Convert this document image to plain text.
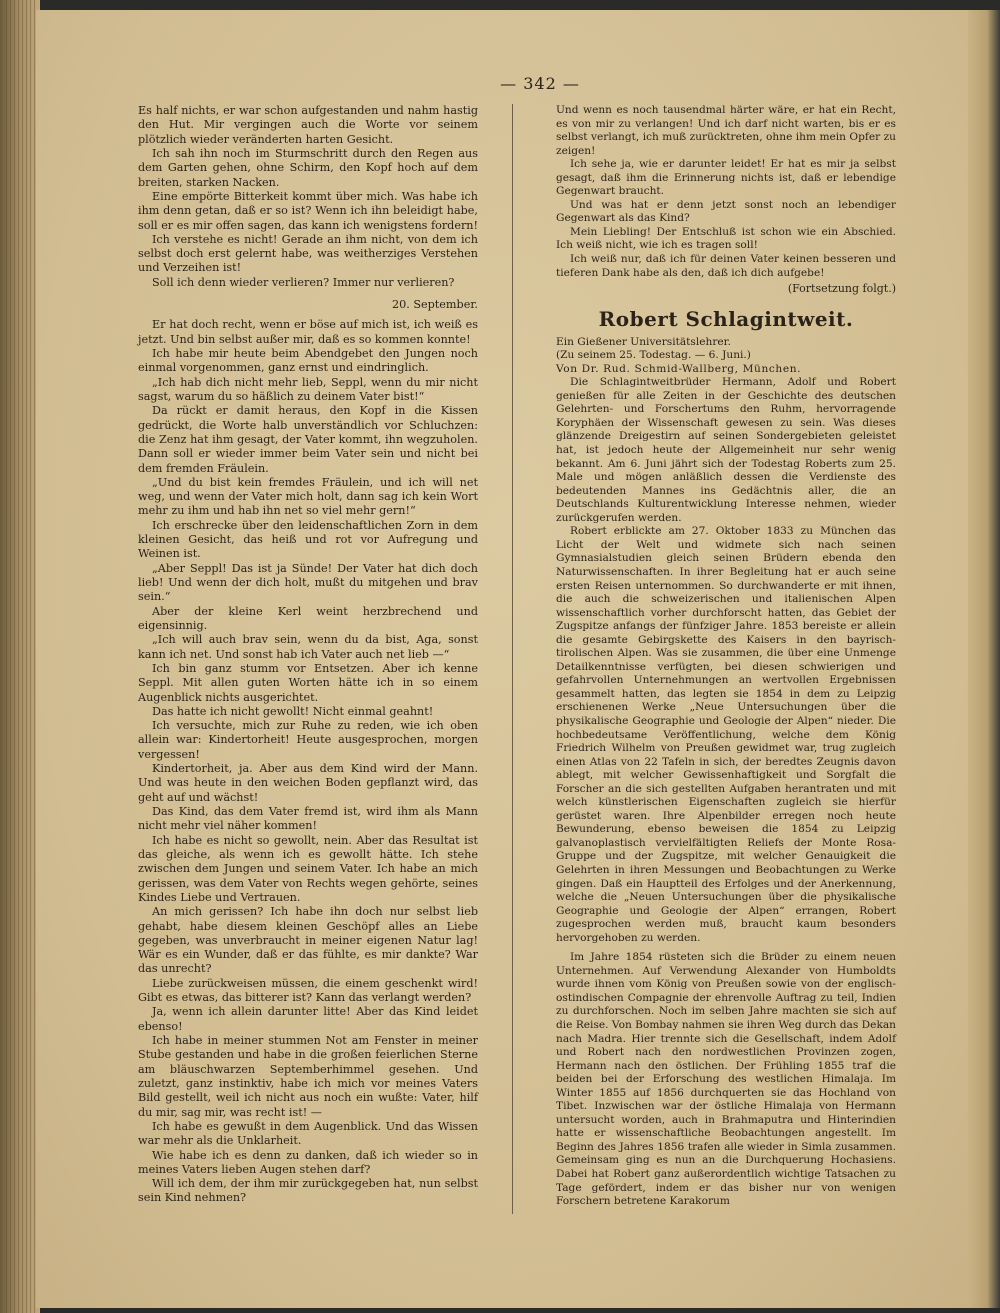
— 342 —

Es half nichts, er war schon aufgestanden und nahm hastig den Hut. Mir vergingen auch die Worte vor seinem plötzlich wieder veränderten harten Gesicht.

Ich sah ihn noch im Sturmschritt durch den Regen aus dem Garten gehen, ohne Schirm, den Kopf hoch auf dem breiten, starken Nacken.

Eine empörte Bitterkeit kommt über mich. Was habe ich ihm denn getan, daß er so ist? Wenn ich ihn beleidigt habe, soll er es mir offen sagen, das kann ich wenigstens fordern!

Ich verstehe es nicht! Gerade an ihm nicht, von dem ich selbst doch erst gelernt habe, was weitherziges Verstehen und Verzeihen ist!

Soll ich denn wieder verlieren? Immer nur verlieren?

20. September.

Er hat doch recht, wenn er böse auf mich ist, ich weiß es jetzt. Und bin selbst außer mir, daß es so kommen konnte!

Ich habe mir heute beim Abendgebet den Jungen noch einmal vorgenommen, ganz ernst und eindringlich.

„Ich hab dich nicht mehr lieb, Seppl, wenn du mir nicht sagst, warum du so häßlich zu deinem Vater bist!“

Da rückt er damit heraus, den Kopf in die Kissen gedrückt, die Worte halb unverständlich vor Schluchzen: die Zenz hat ihm gesagt, der Vater kommt, ihn wegzuholen. Dann soll er wieder immer beim Vater sein und nicht bei dem fremden Fräulein.

„Und du bist kein fremdes Fräulein, und ich will net weg, und wenn der Vater mich holt, dann sag ich kein Wort mehr zu ihm und hab ihn net so viel mehr gern!“

Ich erschrecke über den leidenschaftlichen Zorn in dem kleinen Gesicht, das heiß und rot vor Aufregung und Weinen ist.

„Aber Seppl! Das ist ja Sünde! Der Vater hat dich doch lieb! Und wenn der dich holt, mußt du mitgehen und brav sein.“

Aber der kleine Kerl weint herzbrechend und eigensinnig.

„Ich will auch brav sein, wenn du da bist, Aga, sonst kann ich net. Und sonst hab ich Vater auch net lieb —“

Ich bin ganz stumm vor Entsetzen. Aber ich kenne Seppl. Mit allen guten Worten hätte ich in so einem Augenblick nichts ausgerichtet.

Das hatte ich nicht gewollt! Nicht einmal geahnt!

Ich versuchte, mich zur Ruhe zu reden, wie ich oben allein war: Kindertorheit! Heute ausgesprochen, morgen vergessen!

Kindertorheit, ja. Aber aus dem Kind wird der Mann. Und was heute in den weichen Boden gepflanzt wird, das geht auf und wächst!

Das Kind, das dem Vater fremd ist, wird ihm als Mann nicht mehr viel näher kommen!

Ich habe es nicht so gewollt, nein. Aber das Resultat ist das gleiche, als wenn ich es gewollt hätte. Ich stehe zwischen dem Jungen und seinem Vater. Ich habe an mich gerissen, was dem Vater von Rechts wegen gehörte, seines Kindes Liebe und Vertrauen.

An mich gerissen? Ich habe ihn doch nur selbst lieb gehabt, habe diesem kleinen Geschöpf alles an Liebe gegeben, was unverbraucht in meiner eigenen Natur lag! Wär es ein Wunder, daß er das fühlte, es mir dankte? War das unrecht?

Liebe zurückweisen müssen, die einem geschenkt wird! Gibt es etwas, das bitterer ist? Kann das verlangt werden?

Ja, wenn ich allein darunter litte! Aber das Kind leidet ebenso!

Ich habe in meiner stummen Not am Fenster in meiner Stube gestanden und habe in die großen feierlichen Sterne am bläuschwarzen Septemberhimmel gesehen. Und zuletzt, ganz instinktiv, habe ich mich vor meines Vaters Bild gestellt, weil ich nicht aus noch ein wußte: Vater, hilf du mir, sag mir, was recht ist! —

Ich habe es gewußt in dem Augenblick. Und das Wissen war mehr als die Unklarheit.

Wie habe ich es denn zu danken, daß ich wieder so in meines Vaters lieben Augen stehen darf?

Will ich dem, der ihm mir zurückgegeben hat, nun selbst sein Kind nehmen?

Und wenn es noch tausendmal härter wäre, er hat ein Recht, es von mir zu verlangen! Und ich darf nicht warten, bis er es selbst verlangt, ich muß zurücktreten, ohne ihm mein Opfer zu zeigen!

Ich sehe ja, wie er darunter leidet! Er hat es mir ja selbst gesagt, daß ihm die Erinnerung nichts ist, daß er lebendige Gegenwart braucht.

Und was hat er denn jetzt sonst noch an lebendiger Gegenwart als das Kind?

Mein Liebling! Der Entschluß ist schon wie ein Abschied. Ich weiß nicht, wie ich es tragen soll!

Ich weiß nur, daß ich für deinen Vater keinen besseren und tieferen Dank habe als den, daß ich dich aufgebe!

(Fortsetzung folgt.)
Robert Schlagintweit.

Ein Gießener Universitätslehrer.

(Zu seinem 25. Todestag. — 6. Juni.)

Von Dr. Rud. Schmid-Wallberg, München.

Die Schlagintweitbrüder Hermann, Adolf und Robert genießen für alle Zeiten in der Geschichte des deutschen Gelehrten- und Forschertums den Ruhm, hervorragende Koryphäen der Wissenschaft gewesen zu sein. Was dieses glänzende Dreigestirn auf seinen Sondergebieten geleistet hat, ist jedoch heute der Allgemeinheit nur sehr wenig bekannt. Am 6. Juni jährt sich der Todestag Roberts zum 25. Male und mögen anläßlich dessen die Verdienste des bedeutenden Mannes ins Gedächtnis aller, die an Deutschlands Kulturentwicklung Interesse nehmen, wieder zurückgerufen werden.

Robert erblickte am 27. Oktober 1833 zu München das Licht der Welt und widmete sich nach seinen Gymnasialstudien gleich seinen Brüdern ebenda den Naturwissenschaften. In ihrer Begleitung hat er auch seine ersten Reisen unternommen. So durchwanderte er mit ihnen, die auch die schweizerischen und italienischen Alpen wissenschaftlich vorher durchforscht hatten, das Gebiet der Zugspitze anfangs der fünfziger Jahre. 1853 bereiste er allein die gesamte Gebirgskette des Kaisers in den bayrisch-tirolischen Alpen. Was sie zusammen, die über eine Unmenge Detailkenntnisse verfügten, bei diesen schwierigen und gefahrvollen Unternehmungen an wertvollen Ergebnissen gesammelt hatten, das legten sie 1854 in dem zu Leipzig erschienenen Werke „Neue Untersuchungen über die physikalische Geographie und Geologie der Alpen“ nieder. Die hochbedeutsame Veröffentlichung, welche dem König Friedrich Wilhelm von Preußen gewidmet war, trug zugleich einen Atlas von 22 Tafeln in sich, der beredtes Zeugnis davon ablegt, mit welcher Gewissenhaftigkeit und Sorgfalt die Forscher an die sich gestellten Aufgaben herantraten und mit welch künstlerischen Eigenschaften zugleich sie hierfür gerüstet waren. Ihre Alpenbilder erregen noch heute Bewunderung, ebenso beweisen die 1854 zu Leipzig galvanoplastisch vervielfältigten Reliefs der Monte Rosa-Gruppe und der Zugspitze, mit welcher Genauigkeit die Gelehrten in ihren Messungen und Beobachtungen zu Werke gingen. Daß ein Hauptteil des Erfolges und der Anerkennung, welche die „Neuen Untersuchungen über die physikalische Geographie und Geologie der Alpen“ errangen, Robert zugesprochen werden muß, braucht kaum besonders hervorgehoben zu werden.

Im Jahre 1854 rüsteten sich die Brüder zu einem neuen Unternehmen. Auf Verwendung Alexander von Humboldts wurde ihnen vom König von Preußen sowie von der englisch-ostindischen Compagnie der ehrenvolle Auftrag zu teil, Indien zu durchforschen. Noch im selben Jahre machten sie sich auf die Reise. Von Bombay nahmen sie ihren Weg durch das Dekan nach Madra. Hier trennte sich die Gesellschaft, indem Adolf und Robert nach den nordwestlichen Provinzen zogen, Hermann nach den östlichen. Der Frühling 1855 traf die beiden bei der Erforschung des westlichen Himalaja. Im Winter 1855 auf 1856 durchquerten sie das Hochland von Tibet. Inzwischen war der östliche Himalaja von Hermann untersucht worden, auch in Brahmaputra und Hinterindien hatte er wissenschaftliche Beobachtungen angestellt. Im Beginn des Jahres 1856 trafen alle wieder in Simla zusammen. Gemeinsam ging es nun an die Durchquerung Hochasiens. Dabei hat Robert ganz außerordentlich wichtige Tatsachen zu Tage gefördert, indem er das bisher nur von wenigen Forschern betretene Karakorum
